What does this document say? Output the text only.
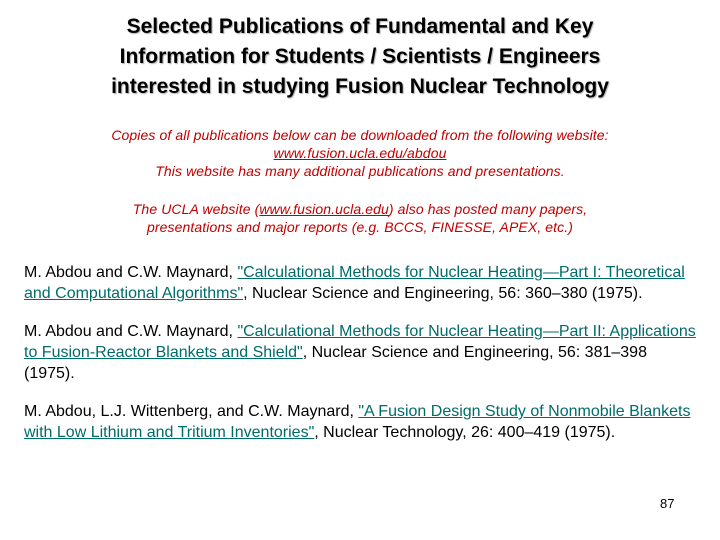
Selected Publications of Fundamental and Key
Information for Students / Scientists / Engineers
interested in studying Fusion Nuclear Technology
Copies of all publications below can be downloaded from the following website:
www.fusion.ucla.edu/abdou
This website has many additional publications and presentations.
The UCLA website (www.fusion.ucla.edu) also has posted many papers,
presentations and major reports (e.g. BCCS, FINESSE, APEX, etc.)
M. Abdou and C.W. Maynard, "Calculational Methods for Nuclear Heating—Part I: Theoretical and Computational Algorithms", Nuclear Science and Engineering, 56: 360–380 (1975).
M. Abdou and C.W. Maynard, "Calculational Methods for Nuclear Heating—Part II: Applications to Fusion-Reactor Blankets and Shield", Nuclear Science and Engineering, 56: 381–398 (1975).
M. Abdou, L.J. Wittenberg, and C.W. Maynard, "A Fusion Design Study of Nonmobile Blankets with Low Lithium and Tritium Inventories", Nuclear Technology, 26: 400–419 (1975).
87
